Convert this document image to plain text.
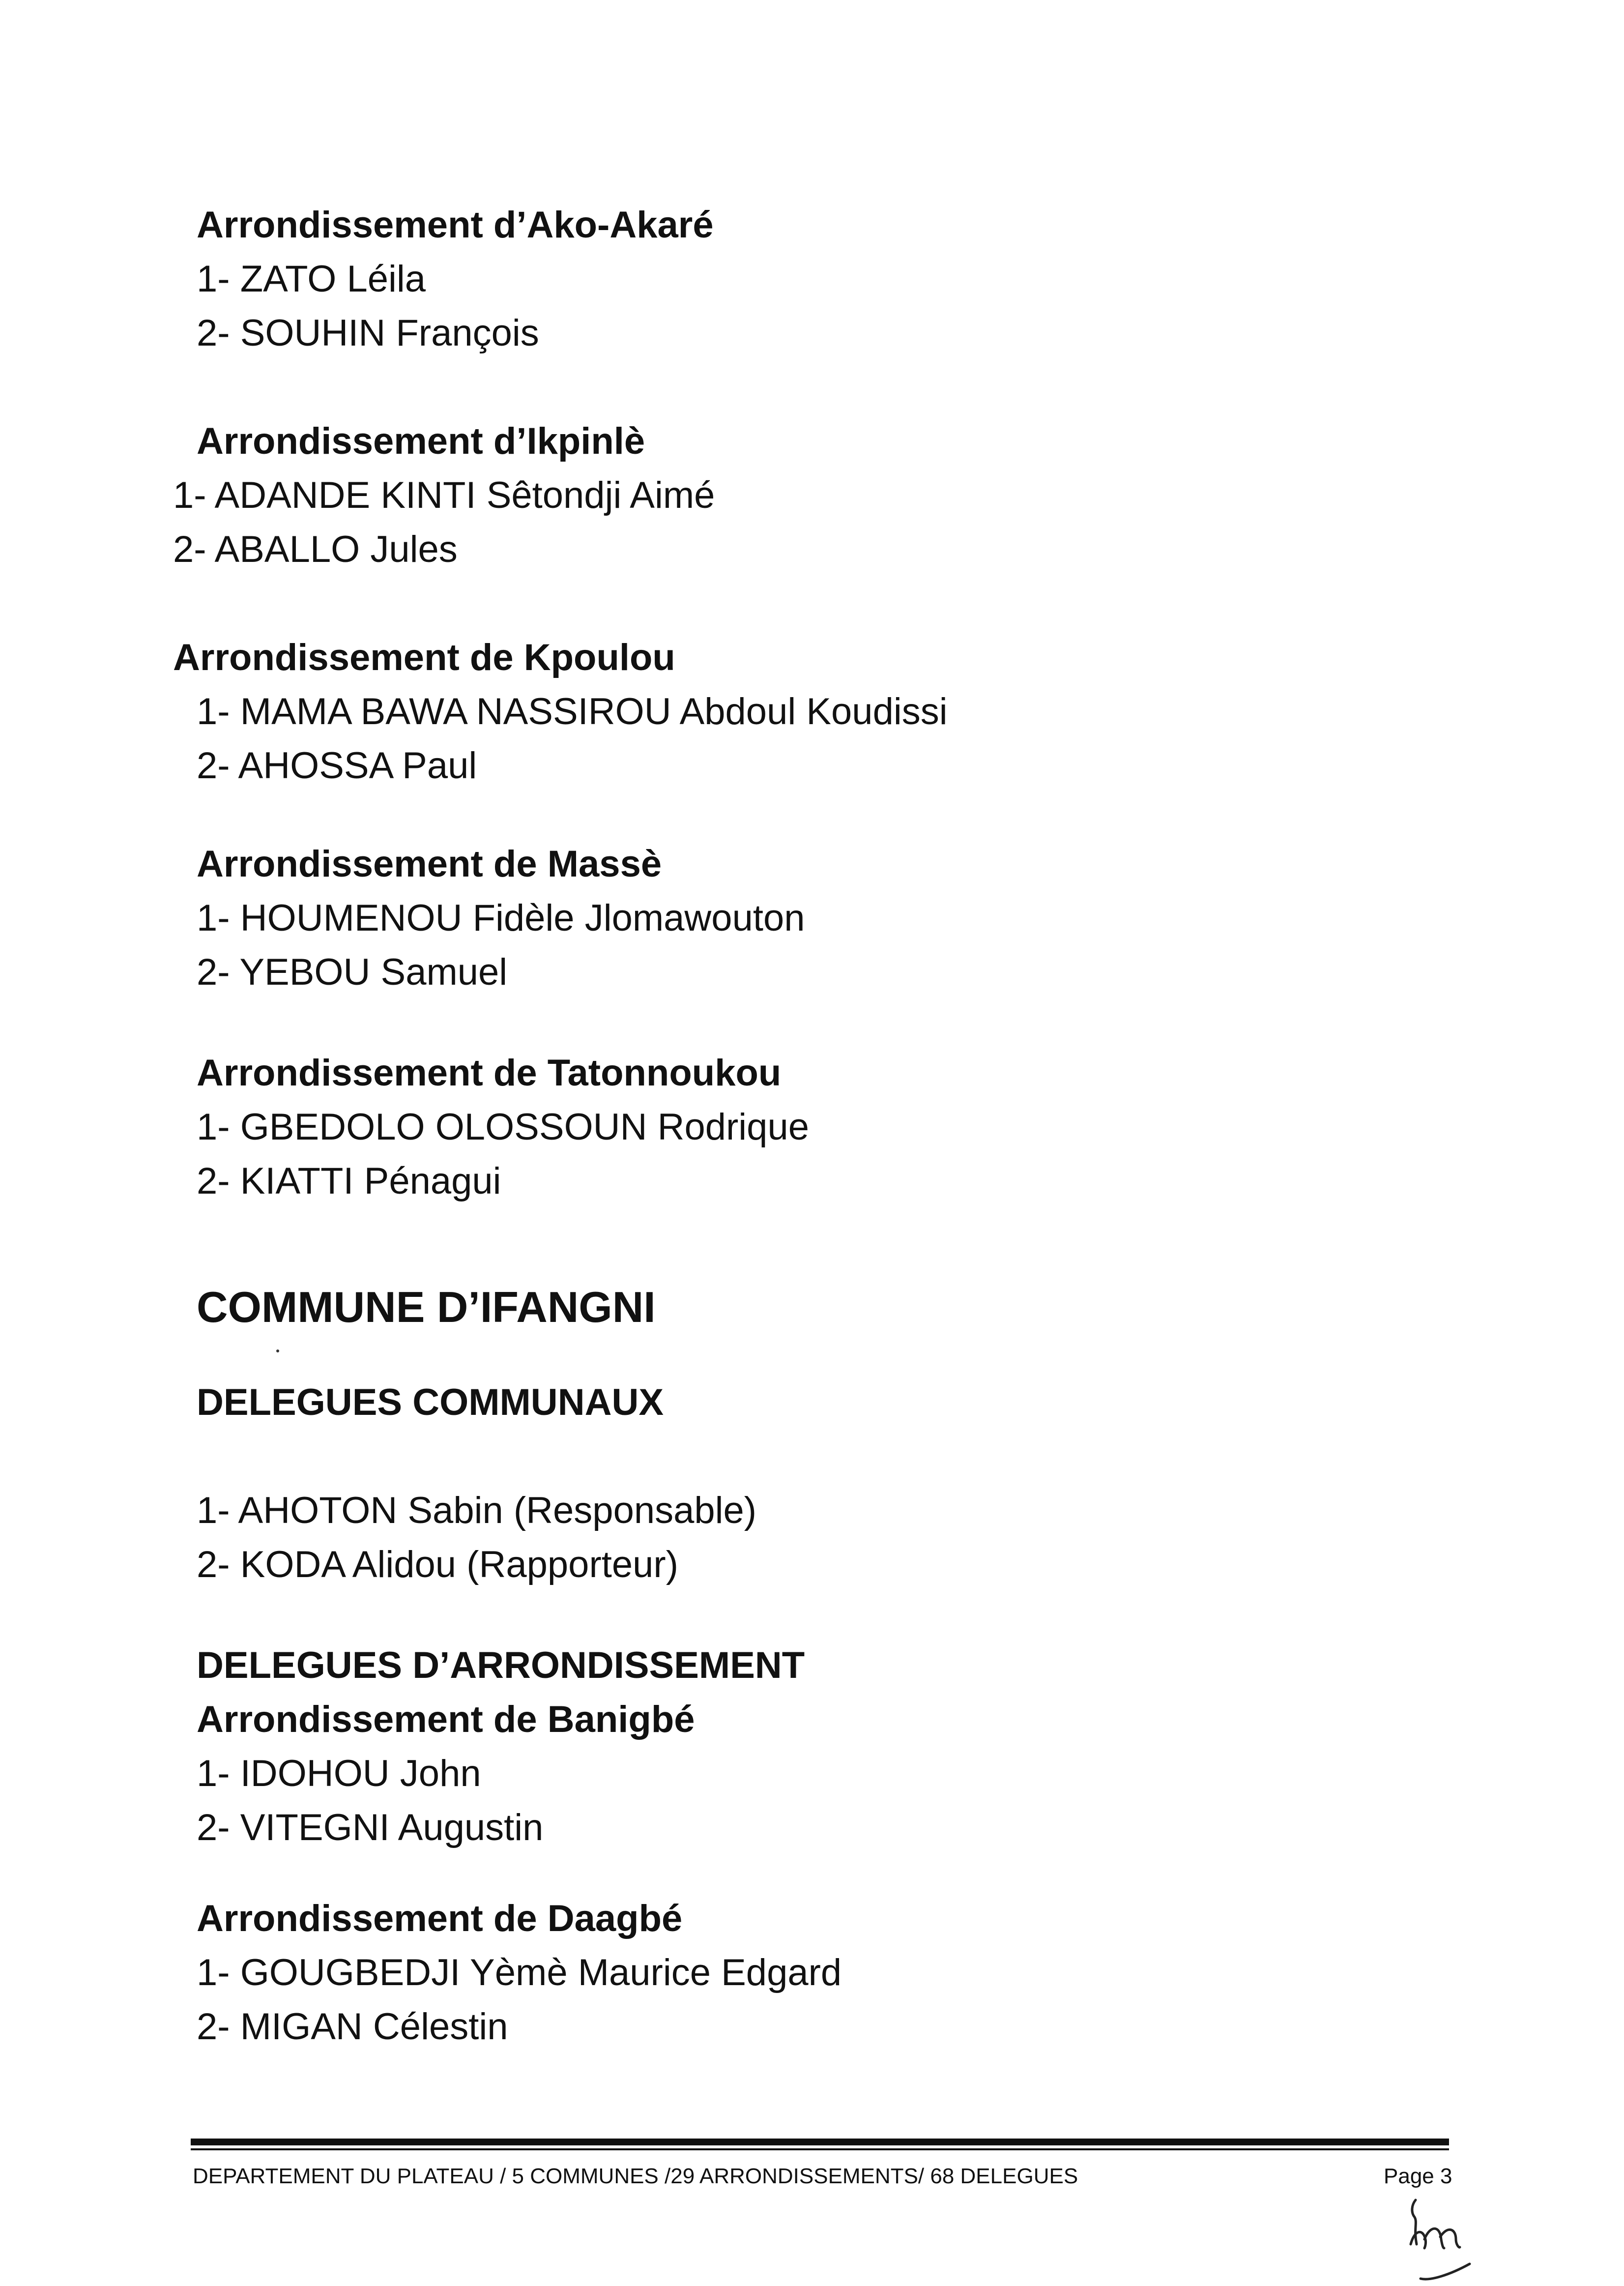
Arrondissement d’Ako-Akaré
1- ZATO Léila
2- SOUHIN François
Arrondissement d’Ikpinlè
1- ADANDE KINTI Sêtondji Aimé
2- ABALLO Jules
Arrondissement de Kpoulou
1- MAMA BAWA NASSIROU Abdoul Koudissi
2- AHOSSA Paul
Arrondissement de Massè
1- HOUMENOU Fidèle Jlomawouton
2- YEBOU Samuel
Arrondissement de Tatonnoukou
1- GBEDOLO OLOSSOUN Rodrique
2- KIATTI Pénagui
COMMUNE D’IFANGNI
DELEGUES COMMUNAUX
1- AHOTON Sabin (Responsable)
2- KODA Alidou (Rapporteur)
DELEGUES D’ARRONDISSEMENT
Arrondissement de Banigbé
1- IDOHOU John
2- VITEGNI Augustin
Arrondissement de Daagbé
1- GOUGBEDJI Yèmè Maurice Edgard
2- MIGAN Célestin
DEPARTEMENT DU PLATEAU / 5 COMMUNES /29 ARRONDISSEMENTS/ 68 DELEGUES	Page 3
